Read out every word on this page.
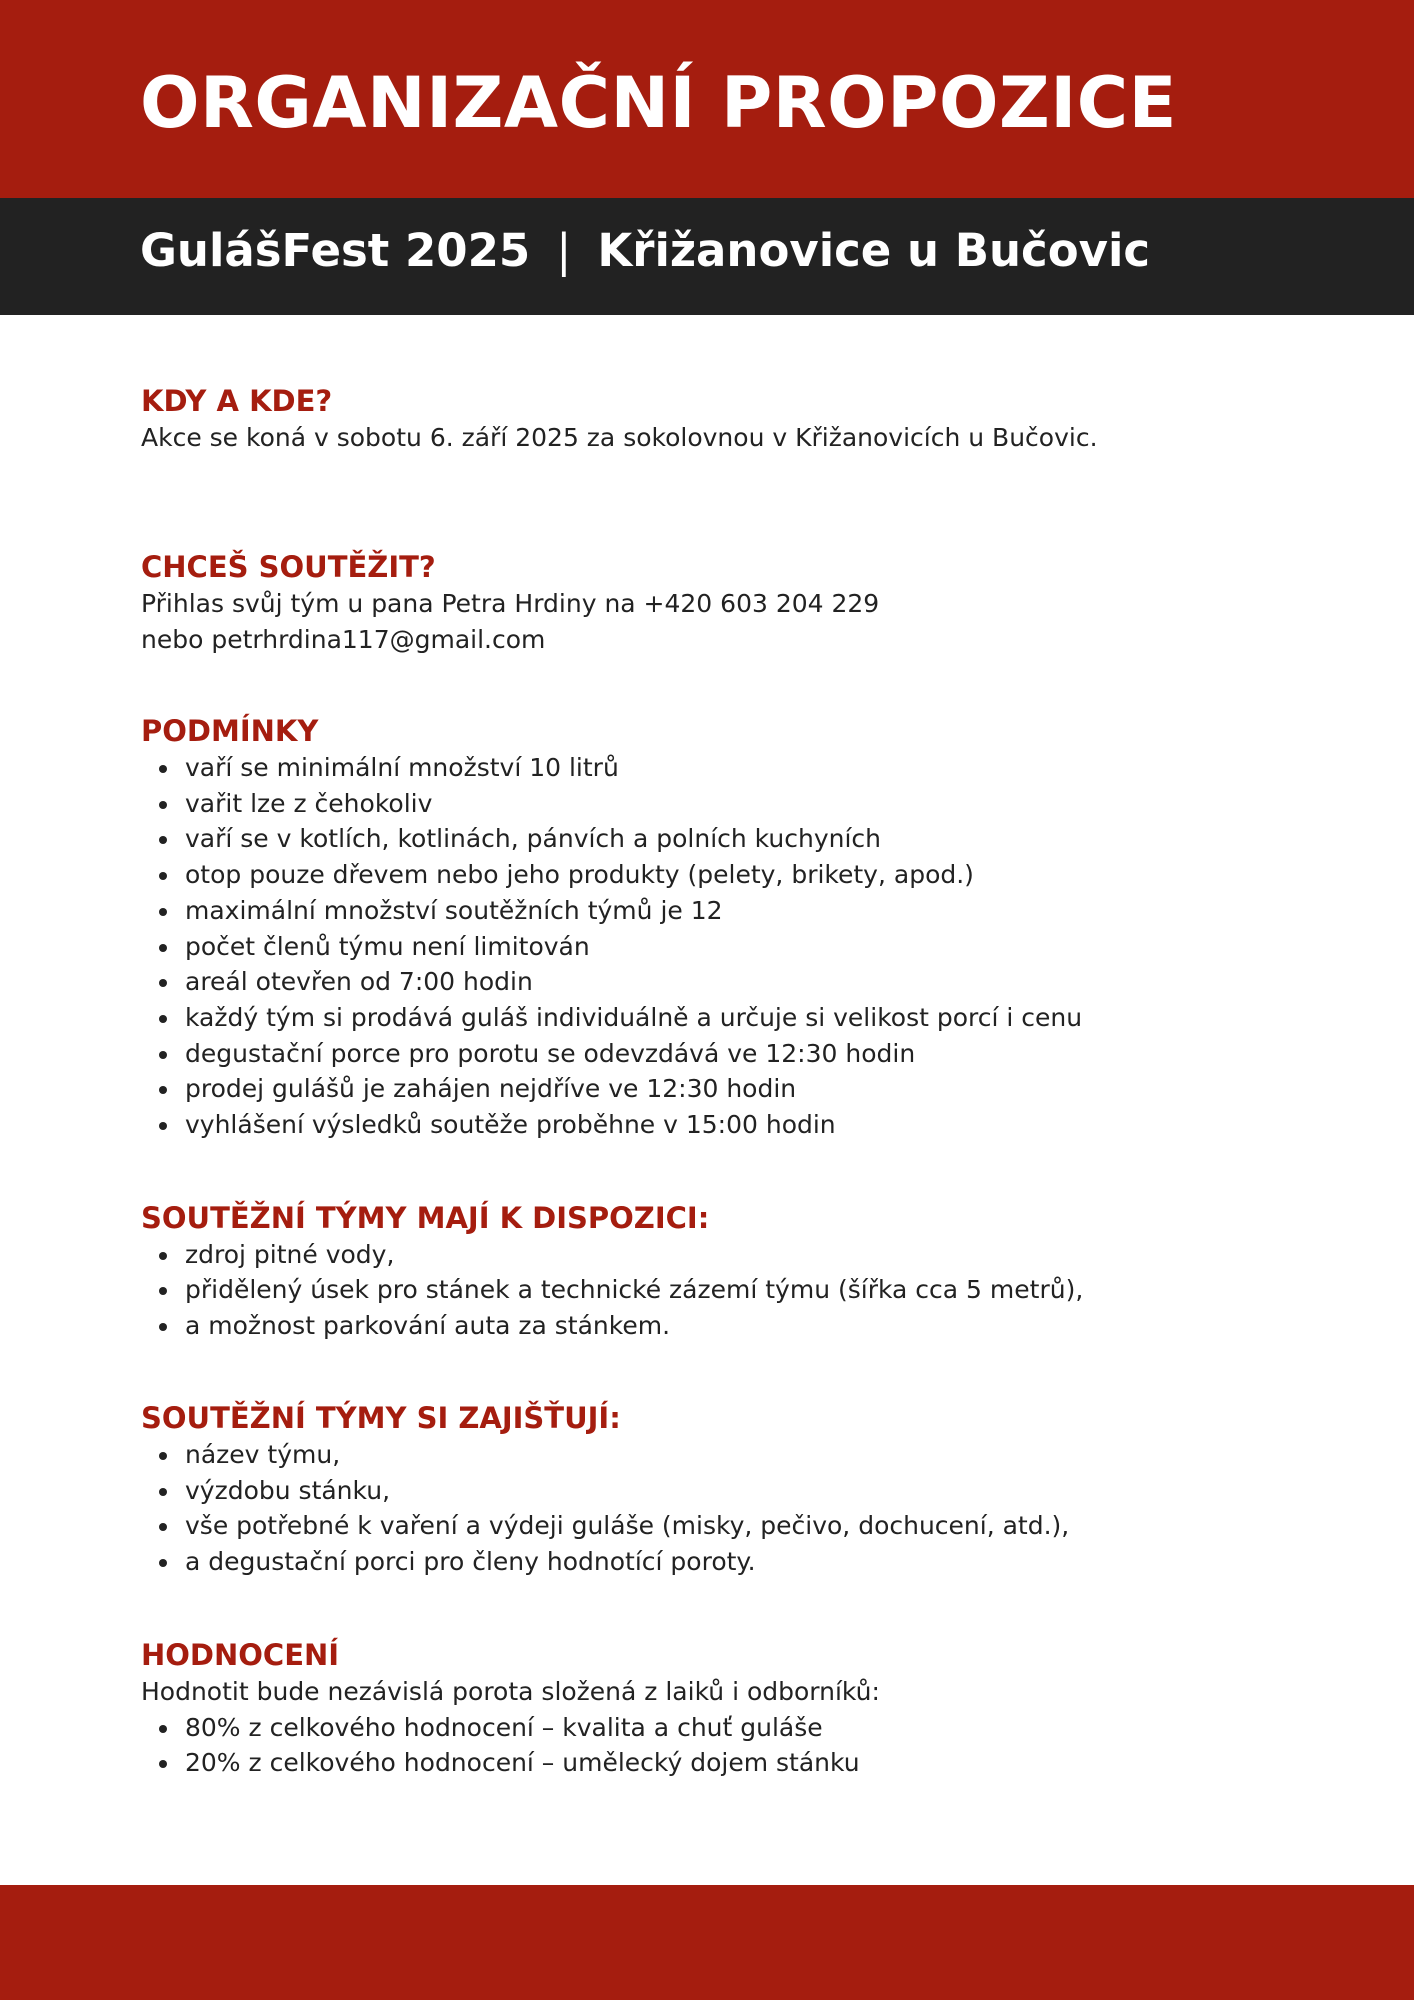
ORGANIZAČNÍ PROPOZICE
GulášFest 2025 | Křižanovice u Bučovic
KDY A KDE?

Akce se koná v sobotu 6. září 2025 za sokolovnou v Křižanovicích u Bučovic.

CHCEŠ SOUTĚŽIT?

Přihlas svůj tým u pana Petra Hrdiny na +420 603 204 229

nebo petrhrdina117@gmail.com

PODMÍNKY
vaří se minimální množství 10 litrů
vařit lze z čehokoliv
vaří se v kotlích, kotlinách, pánvích a polních kuchyních
otop pouze dřevem nebo jeho produkty (pelety, brikety, apod.)
maximální množství soutěžních týmů je 12
počet členů týmu není limitován
areál otevřen od 7:00 hodin
každý tým si prodává guláš individuálně a určuje si velikost porcí i cenu
degustační porce pro porotu se odevzdává ve 12:30 hodin
prodej gulášů je zahájen nejdříve ve 12:30 hodin
vyhlášení výsledků soutěže proběhne v 15:00 hodin
SOUTĚŽNÍ TÝMY MAJÍ K DISPOZICI:
zdroj pitné vody,
přidělený úsek pro stánek a technické zázemí týmu (šířka cca 5 metrů),
a možnost parkování auta za stánkem.
SOUTĚŽNÍ TÝMY SI ZAJIŠŤUJÍ:
název týmu,
výzdobu stánku,
vše potřebné k vaření a výdeji guláše (misky, pečivo, dochucení, atd.),
a degustační porci pro členy hodnotící poroty.
HODNOCENÍ

Hodnotit bude nezávislá porota složená z laiků i odborníků:

80% z celkového hodnocení – kvalita a chuť guláše
20% z celkového hodnocení – umělecký dojem stánku
